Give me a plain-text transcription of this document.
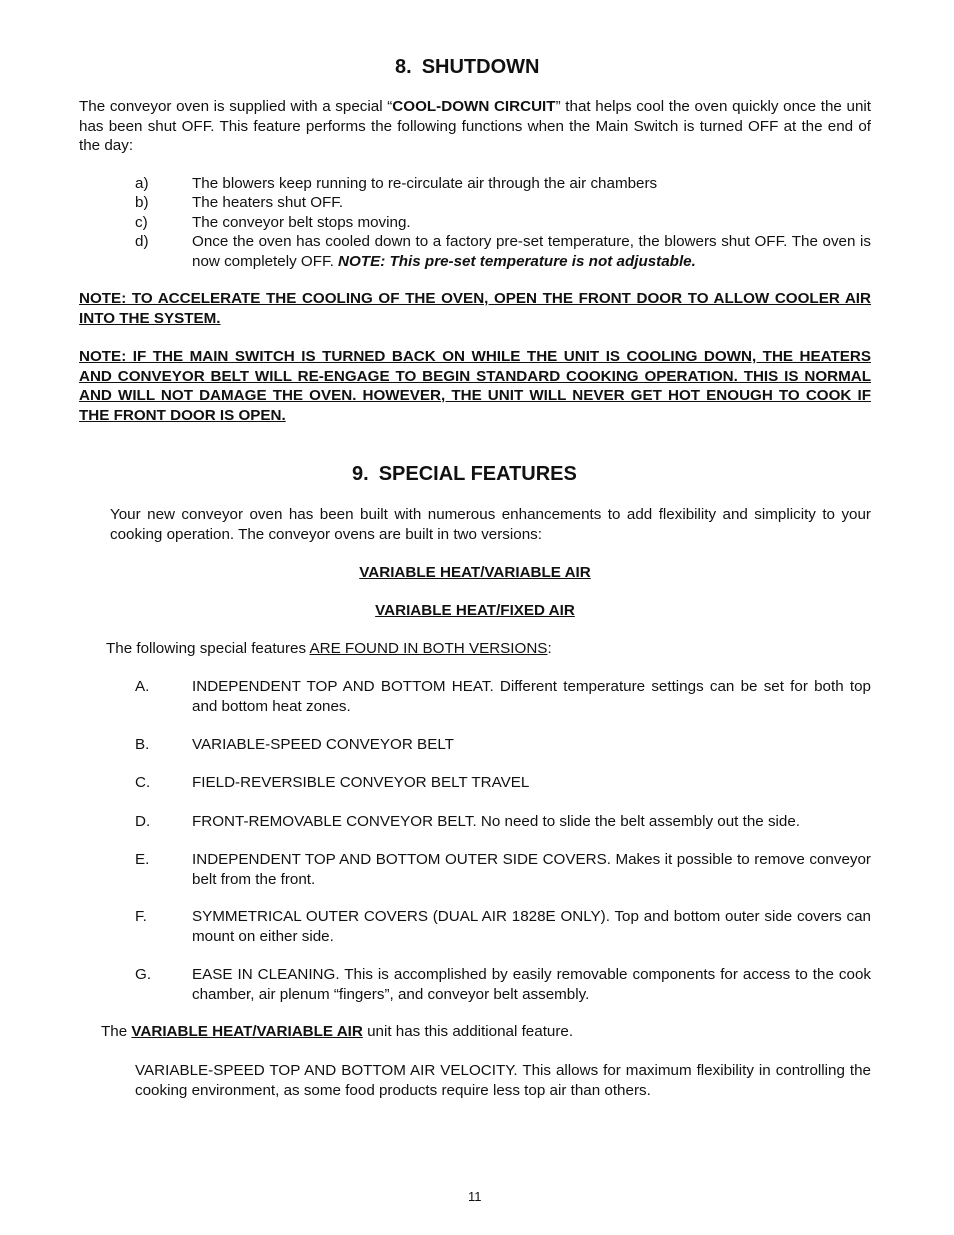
8. SHUTDOWN
The conveyor oven is supplied with a special “COOL-DOWN CIRCUIT” that helps cool the oven quickly once the unit has been shut OFF. This feature performs the following functions when the Main Switch is turned OFF at the end of the day:
a)	The blowers keep running to re-circulate air through the air chambers
b)	The heaters shut OFF.
c)	The conveyor belt stops moving.
d)	Once the oven has cooled down to a factory pre-set temperature, the blowers shut OFF. The oven is now completely OFF. NOTE: This pre-set temperature is not adjustable.
NOTE: TO ACCELERATE THE COOLING OF THE OVEN, OPEN THE FRONT DOOR TO ALLOW COOLER AIR INTO THE SYSTEM.
NOTE: IF THE MAIN SWITCH IS TURNED BACK ON WHILE THE UNIT IS COOLING DOWN, THE HEATERS AND CONVEYOR BELT WILL RE-ENGAGE TO BEGIN STANDARD COOKING OPERATION. THIS IS NORMAL AND WILL NOT DAMAGE THE OVEN. HOWEVER, THE UNIT WILL NEVER GET HOT ENOUGH TO COOK IF THE FRONT DOOR IS OPEN.
9. SPECIAL FEATURES
Your new conveyor oven has been built with numerous enhancements to add flexibility and simplicity to your cooking operation. The conveyor ovens are built in two versions:
VARIABLE HEAT/VARIABLE AIR
VARIABLE HEAT/FIXED AIR
The following special features ARE FOUND IN BOTH VERSIONS:
A.	INDEPENDENT TOP AND BOTTOM HEAT. Different temperature settings can be set for both top and bottom heat zones.
B.	VARIABLE-SPEED CONVEYOR BELT
C.	FIELD-REVERSIBLE CONVEYOR BELT TRAVEL
D.	FRONT-REMOVABLE CONVEYOR BELT. No need to slide the belt assembly out the side.
E.	INDEPENDENT TOP AND BOTTOM OUTER SIDE COVERS. Makes it possible to remove conveyor belt from the front.
F.	SYMMETRICAL OUTER COVERS (DUAL AIR 1828E ONLY). Top and bottom outer side covers can mount on either side.
G.	EASE IN CLEANING. This is accomplished by easily removable components for access to the cook chamber, air plenum “fingers”, and conveyor belt assembly.
The VARIABLE HEAT/VARIABLE AIR unit has this additional feature.
VARIABLE-SPEED TOP AND BOTTOM AIR VELOCITY. This allows for maximum flexibility in controlling the cooking environment, as some food products require less top air than others.
11
